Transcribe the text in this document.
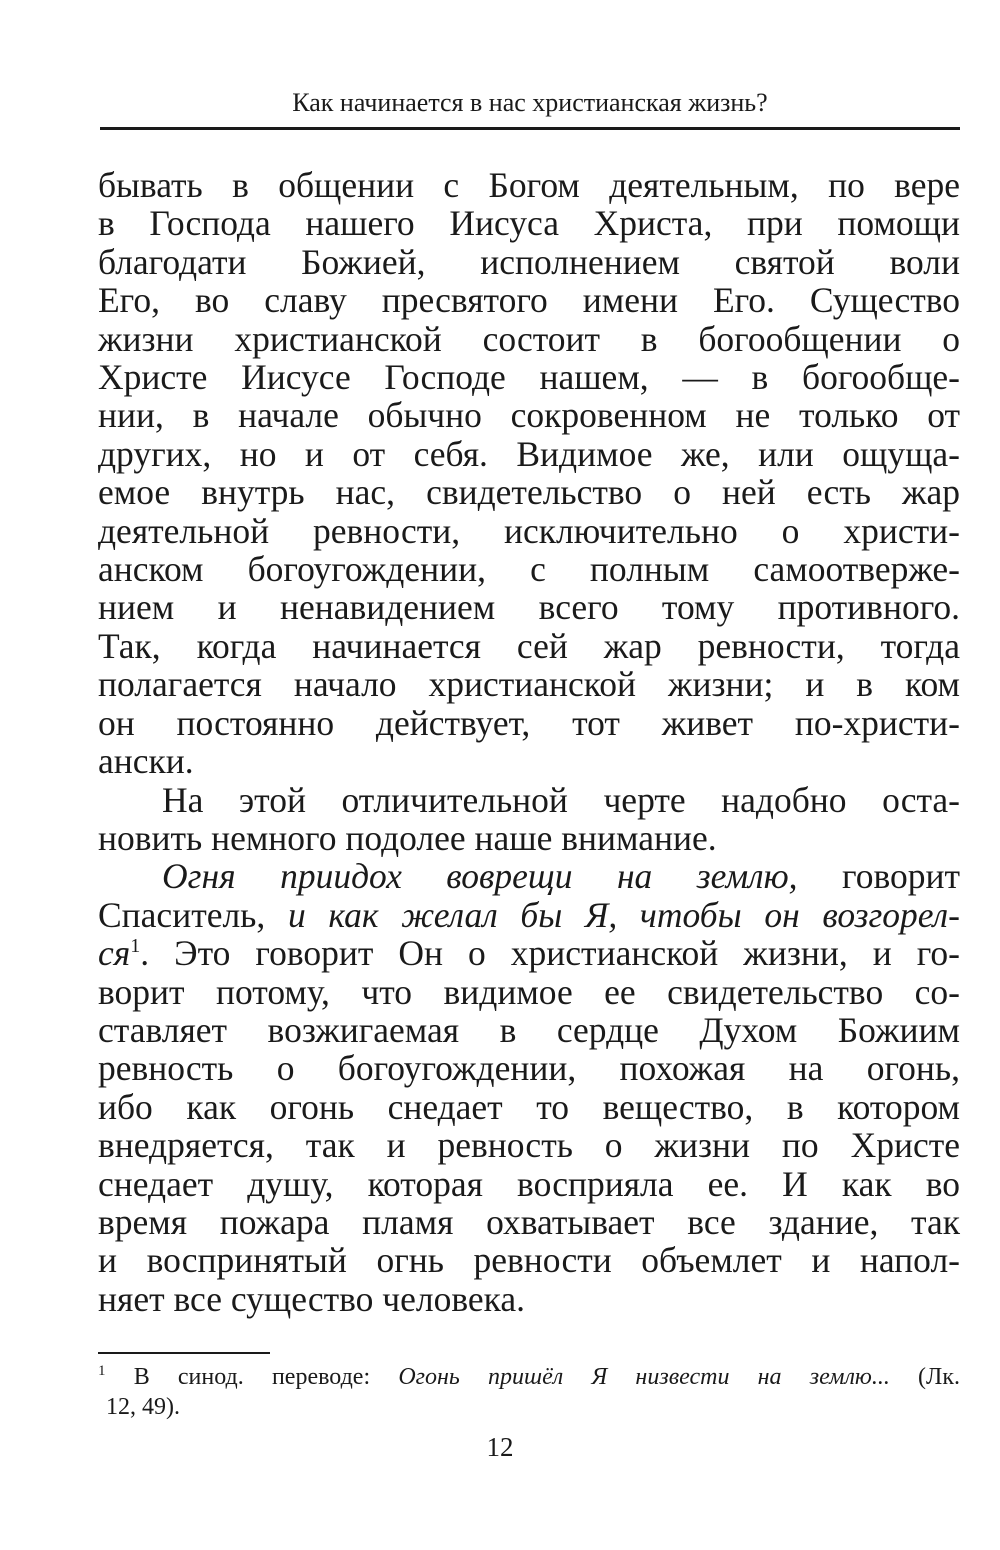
Как начинается в нас христианская жизнь?
бывать в общении с Богом деятельным, по вере
в Господа нашего Иисуса Христа, при помощи
благодати Божией, исполнением святой воли
Его, во славу пресвятого имени Его. Существо
жизни христианской состоит в богообщении о
Христе Иисусе Господе нашем, — в богообще-
нии, в начале обычно сокровенном не только от
других, но и от себя. Видимое же, или ощуща-
емое внутрь нас, свидетельство о ней есть жар
деятельной ревности, исключительно о христи-
анском богоугождении, с полным самоотверже-
нием и ненавидением всего тому противного.
Так, когда начинается сей жар ревности, тогда
полагается начало христианской жизни; и в ком
он постоянно действует, тот живет по-христи-
ански.
На этой отличительной черте надобно оста-
новить немного подолее наше внимание.
Огня приидох воврещи на землю, говорит
Спаситель, и как желал бы Я, чтобы он возгорел-
$ся^1$. Это говорит Он о христианской жизни, и го-
ворит потому, что видимое ее свидетельство со-
ставляет возжигаемая в сердце Духом Божиим
ревность о богоугождении, похожая на огонь,
ибо как огонь снедает то вещество, в котором
внедряется, так и ревность о жизни по Христе
снедает душу, которая восприяла ее. И как во
время пожара пламя охватывает все здание, так
и воспринятый огнь ревности объемлет и напол-
няет все существо человека.
$^1$ В синод. переводе: Огонь пришёл Я низвести на землю... (Лк.
12, 49).
12
